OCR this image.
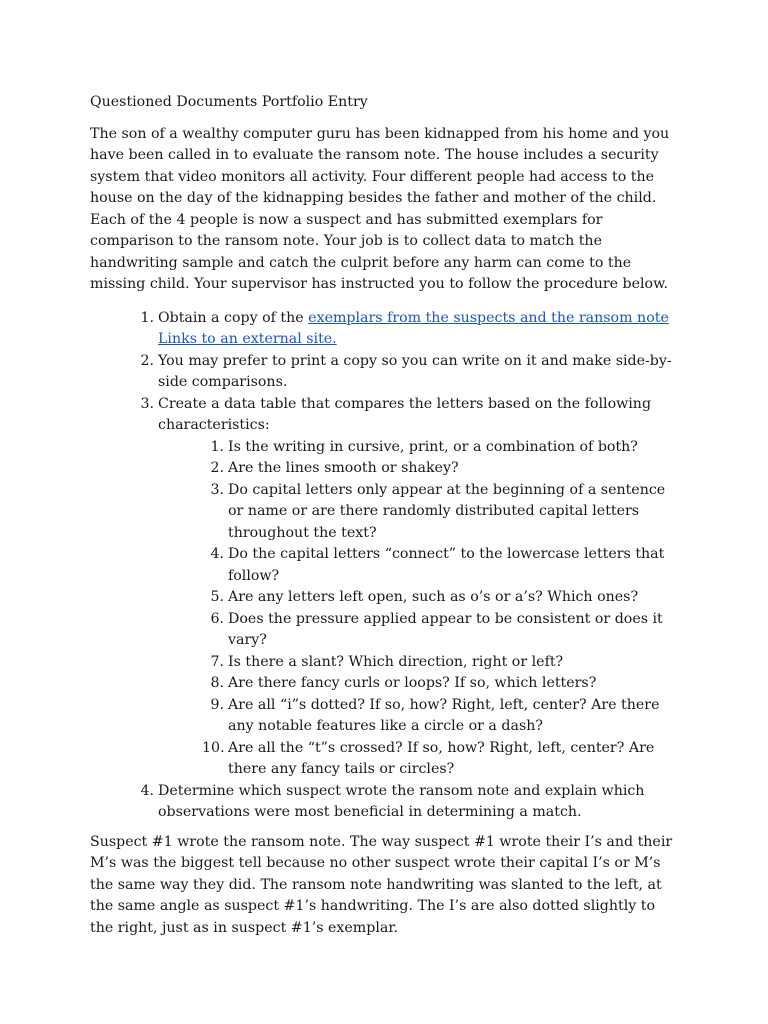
Questioned Documents Portfolio Entry

The son of a wealthy computer guru has been kidnapped from his home and you have been called in to evaluate the ransom note. The house includes a security system that video monitors all activity. Four different people had access to the house on the day of the kidnapping besides the father and mother of the child. Each of the 4 people is now a suspect and has submitted exemplars for comparison to the ransom note. Your job is to collect data to match the handwriting sample and catch the culprit before any harm can come to the missing child. Your supervisor has instructed you to follow the procedure below.

Obtain a copy of the exemplars from the suspects and the ransom note Links to an external site.
You may prefer to print a copy so you can write on it and make side-by-side comparisons.
Create a data table that compares the letters based on the following characteristics:
Is the writing in cursive, print, or a combination of both?
Are the lines smooth or shakey?
Do capital letters only appear at the beginning of a sentence or name or are there randomly distributed capital letters throughout the text?
Do the capital letters “connect” to the lowercase letters that follow?
Are any letters left open, such as o’s or a’s? Which ones?
Does the pressure applied appear to be consistent or does it vary?
Is there a slant? Which direction, right or left?
Are there fancy curls or loops? If so, which letters?
Are all “i”s dotted? If so, how? Right, left, center? Are there any notable features like a circle or a dash?
Are all the “t”s crossed? If so, how? Right, left, center? Are there any fancy tails or circles?
Determine which suspect wrote the ransom note and explain which observations were most beneficial in determining a match.

Suspect #1 wrote the ransom note. The way suspect #1 wrote their I’s and their M’s was the biggest tell because no other suspect wrote their capital I’s or M’s the same way they did. The ransom note handwriting was slanted to the left, at the same angle as suspect #1’s handwriting. The I’s are also dotted slightly to the right, just as in suspect #1’s exemplar.
